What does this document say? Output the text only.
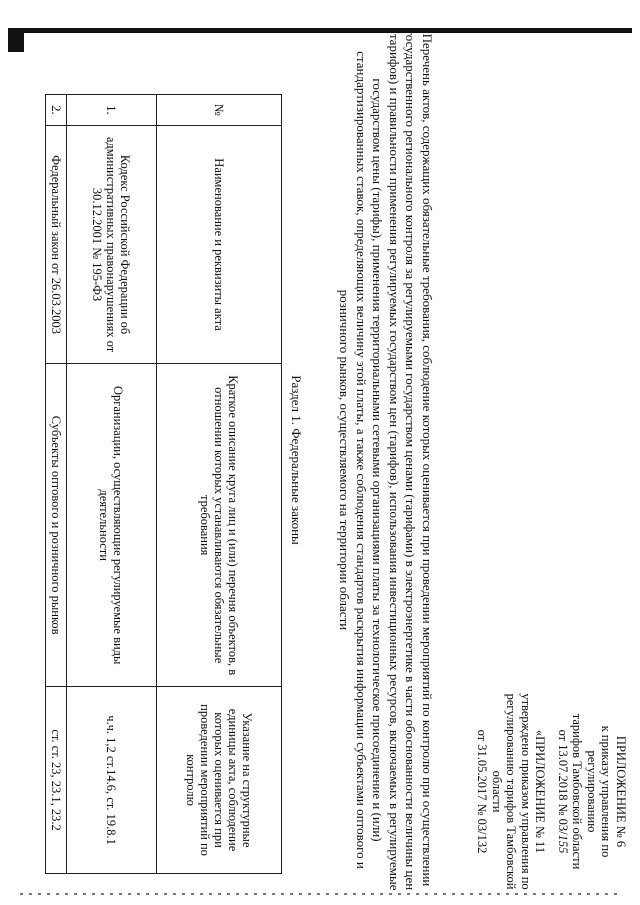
ПРИЛОЖЕНИЕ № 6

к приказу управления по регулированию

тарифов Тамбовской области

от 13.07.2018 № 03/155

«ПРИЛОЖЕНИЕ № 11

утверждено приказом управления по

регулированию тарифов Тамбовской

области

от 31.05.2017 № 03/132

Перечень актов, содержащих обязательные требования, соблюдение которых оценивается при проведении мероприятий по контролю при осуществлении государственного регионального контроля за регулируемыми государством ценами (тарифами) в электроэнергетике в части обоснованности величины цен (тарифов) и правильности применения регулируемых государством цен (тарифов), использования инвестиционных ресурсов, включаемых в регулируемые государством цены (тарифы), применения территориальными сетевыми организациями платы за технологическое присоединение и (или) стандартизированных ставок, определяющих величину этой платы, а также соблюдения стандартов раскрытия информации субъектами оптового и розничного рынков, осуществляемого на территории области

Раздел 1. Федеральные законы

№	Наименование и реквизиты акта	Краткое описание круга лиц и (или) перечня объектов, в отношении которых устанавливаются обязательные требования	Указание на структурные единицы акта, соблюдение которых оценивается при проведении мероприятий по контролю
1.	Кодекс Российской Федерации об административных правонарушениях от 30.12.2001 № 195-ФЗ	Организации, осуществляющие регулируемые виды деятельности	ч.ч. 1,2 ст.14.6, ст. 19.8.1
2.	Федеральный закон от 26.03.2003	Субъекты оптового и розничного рынков	ст. ст. 23, 23.1, 23.2
